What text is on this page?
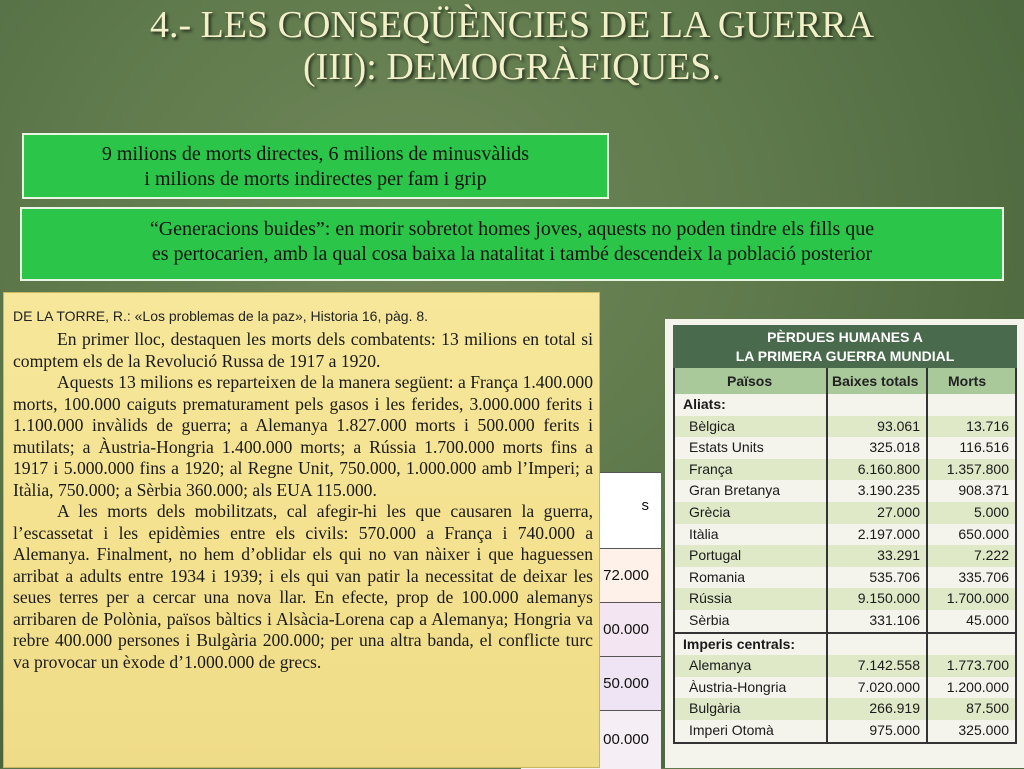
4.- LES CONSEQÜÈNCIES DE LA GUERRA
(III): DEMOGRÀFIQUES.
9 milions de morts directes, 6 milions de minusvàlids
i milions de morts indirectes per fam i grip
“Generacions buides”: en morir sobretot homes joves, aquests no poden tindre els fills que
es pertocarien, amb la qual cosa baixa la natalitat i també descendeix la població posterior
s
72.000
00.000
50.000
00.000
DE LA TORRE, R.: «Los problemas de la paz», Historia 16, pàg. 8.

En primer lloc, destaquen les morts dels combatents: 13 milions en total si comptem els de la Revolució Russa de 1917 a 1920.

Aquests 13 milions es reparteixen de la manera següent: a França 1.400.000 morts, 100.000 caiguts prematurament pels gasos i les ferides, 3.000.000 ferits i 1.100.000 invàlids de guerra; a Alemanya 1.827.000 morts i 500.000 ferits i mutilats; a Àustria-Hongria 1.400.000 morts; a Rússia 1.700.000 morts fins a 1917 i 5.000.000 fins a 1920; al Regne Unit, 750.000, 1.000.000 amb l’Imperi; a Itàlia, 750.000; a Sèrbia 360.000; als EUA 115.000.

A les morts dels mobilitzats, cal afegir-hi les que causaren la guerra, l’escassetat i les epidèmies entre els civils: 570.000 a França i 740.000 a Alemanya. Finalment, no hem d’oblidar els qui no van nàixer i que haguessen arribat a adults entre 1934 i 1939; i els qui van patir la necessitat de deixar les seues terres per a cercar una nova llar. En efecte, prop de 100.000 alemanys arribaren de Polònia, països bàltics i Alsàcia-Lorena cap a Alemanya; Hongria va rebre 400.000 persones i Bulgària 200.000; per una altra banda, el conflicte turc va provocar un èxode d’1.000.000 de grecs.

PÈRDUES HUMANES A
LA PRIMERA GUERRA MUNDIAL
Països	Baixes totals	Morts
Aliats:
Bèlgica	93.061	13.716
Estats Units	325.018	116.516
França	6.160.800	1.357.800
Gran Bretanya	3.190.235	908.371
Grècia	27.000	5.000
Itàlia	2.197.000	650.000
Portugal	33.291	7.222
Romania	535.706	335.706
Rússia	9.150.000	1.700.000
Sèrbia	331.106	45.000
Imperis centrals:
Alemanya	7.142.558	1.773.700
Àustria-Hongria	7.020.000	1.200.000
Bulgària	266.919	87.500
Imperi Otomà	975.000	325.000
